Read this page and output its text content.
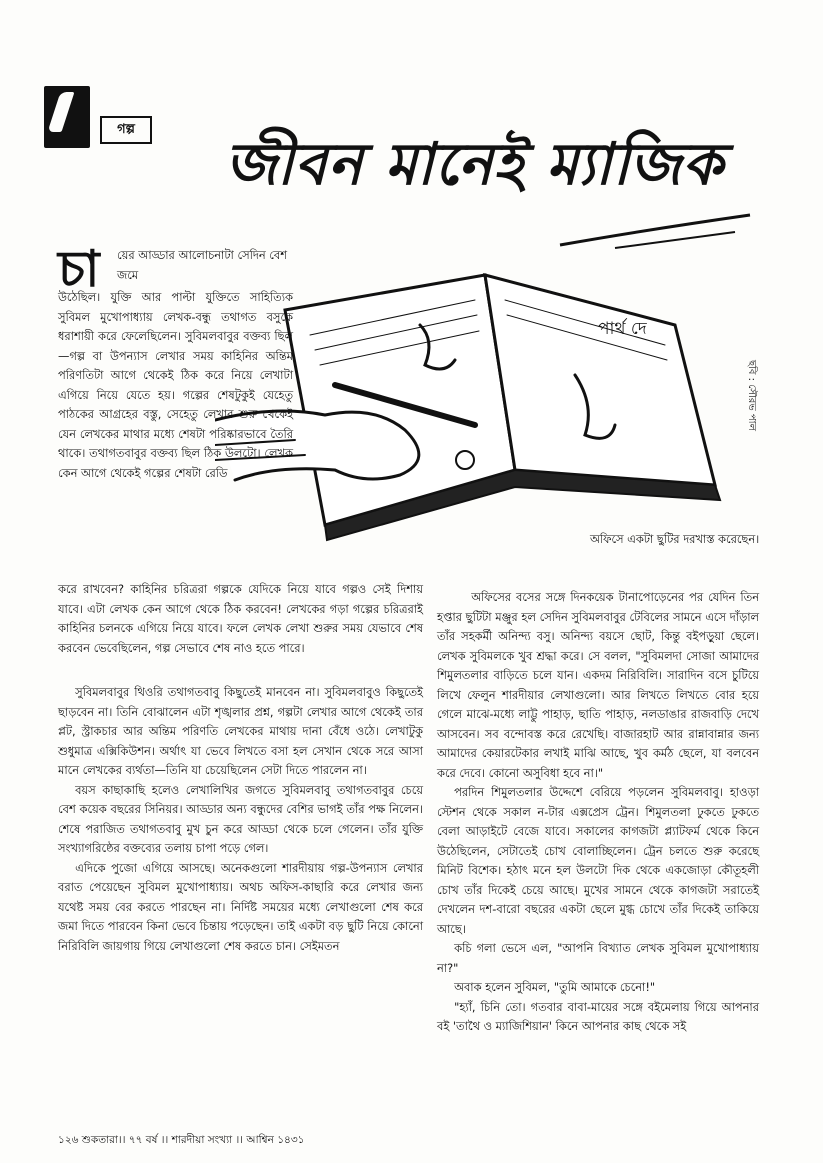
গল্প
জীবন মানেই ম্যাজিক
পার্থ দে
ছবি : সৌরভ পাল
চা য়ের আড্ডার আলোচনাটা সেদিন বেশ জমে

উঠেছিল। যুক্তি আর পাল্টা যুক্তিতে সাহিত্যিক সুবিমল মুখোপাধ্যায় লেখক-বন্ধু তথাগত বসুকে ধরাশায়ী করে ফেলেছিলেন। সুবিমলবাবুর বক্তব্য ছিল—গল্প বা উপন্যাস লেখার সময় কাহিনির অন্তিম পরিণতিটা আগে থেকেই ঠিক করে নিয়ে লেখাটা এগিয়ে নিয়ে যেতে হয়। গল্পের শেষটুকুই যেহেতু পাঠকের আগ্রহের বস্তু, সেহেতু লেখার শুরু থেকেই যেন লেখকের মাথার মধ্যে শেষটা পরিষ্কারভাবে তৈরি থাকে। তথাগতবাবুর বক্তব্য ছিল ঠিক উলটো। লেখক কেন আগে থেকেই গল্পের শেষটা রেডি

করে রাখবেন? কাহিনির চরিত্ররা গল্পকে যেদিকে নিয়ে যাবে গল্পও সেই দিশায় যাবে। এটা লেখক কেন আগে থেকে ঠিক করবেন! লেখকের গড়া গল্পের চরিত্ররাই কাহিনির চলনকে এগিয়ে নিয়ে যাবে। ফলে লেখক লেখা শুরুর সময় যেভাবে শেষ করবেন ভেবেছিলেন, গল্প সেভাবে শেষ নাও হতে পারে।

সুবিমলবাবুর থিওরি তথাগতবাবু কিছুতেই মানবেন না। সুবিমলবাবুও কিছুতেই ছাড়বেন না। তিনি বোঝালেন এটা শৃঙ্খলার প্রশ্ন, গল্পটা লেখার আগে থেকেই তার প্লট, স্ট্রাকচার আর অন্তিম পরিণতি লেখকের মাথায় দানা বেঁধে ওঠে। লেখাটুকু শুধুমাত্র এক্সিকিউশন। অর্থাৎ যা ভেবে লিখতে বসা হল সেখান থেকে সরে আসা মানে লেখকের ব্যর্থতা—তিনি যা চেয়েছিলেন সেটা দিতে পারলেন না।

বয়স কাছাকাছি হলেও লেখালিখির জগতে সুবিমলবাবু তথাগতবাবুর চেয়ে বেশ কয়েক বছরের সিনিয়র। আড্ডার অন্য বন্ধুদের বেশির ভাগই তাঁর পক্ষ নিলেন। শেষে পরাজিত তথাগতবাবু মুখ চুন করে আড্ডা থেকে চলে গেলেন। তাঁর যুক্তি সংখ্যাগরিষ্ঠের বক্তব্যের তলায় চাপা পড়ে গেল।

এদিকে পুজো এগিয়ে আসছে। অনেকগুলো শারদীয়ায় গল্প-উপন্যাস লেখার বরাত পেয়েছেন সুবিমল মুখোপাধ্যায়। অথচ অফিস-কাছারি করে লেখার জন্য যথেষ্ট সময় বের করতে পারছেন না। নির্দিষ্ট সময়ের মধ্যে লেখাগুলো শেষ করে জমা দিতে পারবেন কিনা ভেবে চিন্তায় পড়েছেন। তাই একটা বড় ছুটি নিয়ে কোনো নিরিবিলি জায়গায় গিয়ে লেখাগুলো শেষ করতে চান। সেইমতন

অফিসে একটা ছুটির দরখাস্ত করেছেন।

অফিসের বসের সঙ্গে দিনকয়েক টানাপোড়েনের পর যেদিন তিন হপ্তার ছুটিটা মঞ্জুর হল সেদিন সুবিমলবাবুর টেবিলের সামনে এসে দাঁড়াল তাঁর সহকর্মী অনিন্দ্য বসু। অনিন্দ্য বয়সে ছোট, কিন্তু বইপড়ুয়া ছেলে। লেখক সুবিমলকে খুব শ্রদ্ধা করে। সে বলল, "সুবিমলদা সোজা আমাদের শিমুলতলার বাড়িতে চলে যান। একদম নিরিবিলি। সারাদিন বসে চুটিয়ে লিখে ফেলুন শারদীয়ার লেখাগুলো। আর লিখতে লিখতে বোর হয়ে গেলে মাঝে-মধ্যে লাট্টু পাহাড়, ছাতি পাহাড়, নলডাঙার রাজবাড়ি দেখে আসবেন। সব বন্দোবস্ত করে রেখেছি। বাজারহাট আর রান্নাবান্নার জন্য আমাদের কেয়ারটেকার লখাই মাঝি আছে, খুব কর্মঠ ছেলে, যা বলবেন করে দেবে। কোনো অসুবিধা হবে না।"

পরদিন শিমুলতলার উদ্দেশে বেরিয়ে পড়লেন সুবিমলবাবু। হাওড়া স্টেশন থেকে সকাল ন-টার এক্সপ্রেস ট্রেন। শিমুলতলা ঢুকতে ঢুকতে বেলা আড়াইটে বেজে যাবে। সকালের কাগজটা প্ল্যাটফর্ম থেকে কিনে উঠেছিলেন, সেটাতেই চোখ বোলাচ্ছিলেন। ট্রেন চলতে শুরু করেছে মিনিট বিশেক। হঠাৎ মনে হল উলটো দিক থেকে একজোড়া কৌতূহলী চোখ তাঁর দিকেই চেয়ে আছে। মুখের সামনে থেকে কাগজটা সরাতেই দেখলেন দশ-বারো বছরের একটা ছেলে মুগ্ধ চোখে তাঁর দিকেই তাকিয়ে আছে।

কচি গলা ভেসে এল, "আপনি বিখ্যাত লেখক সুবিমল মুখোপাধ্যায় না?"

অবাক হলেন সুবিমল, "তুমি আমাকে চেনো!"

"হ্যাঁ, চিনি তো। গতবার বাবা-মায়ের সঙ্গে বইমেলায় গিয়ে আপনার বই 'তাথৈ ও ম্যাজিশিয়ান' কিনে আপনার কাছ থেকে সই

১২৬ শুকতারা।। ৭৭ বর্ষ ।। শারদীয়া সংখ্যা ।। আশ্বিন ১৪৩১
